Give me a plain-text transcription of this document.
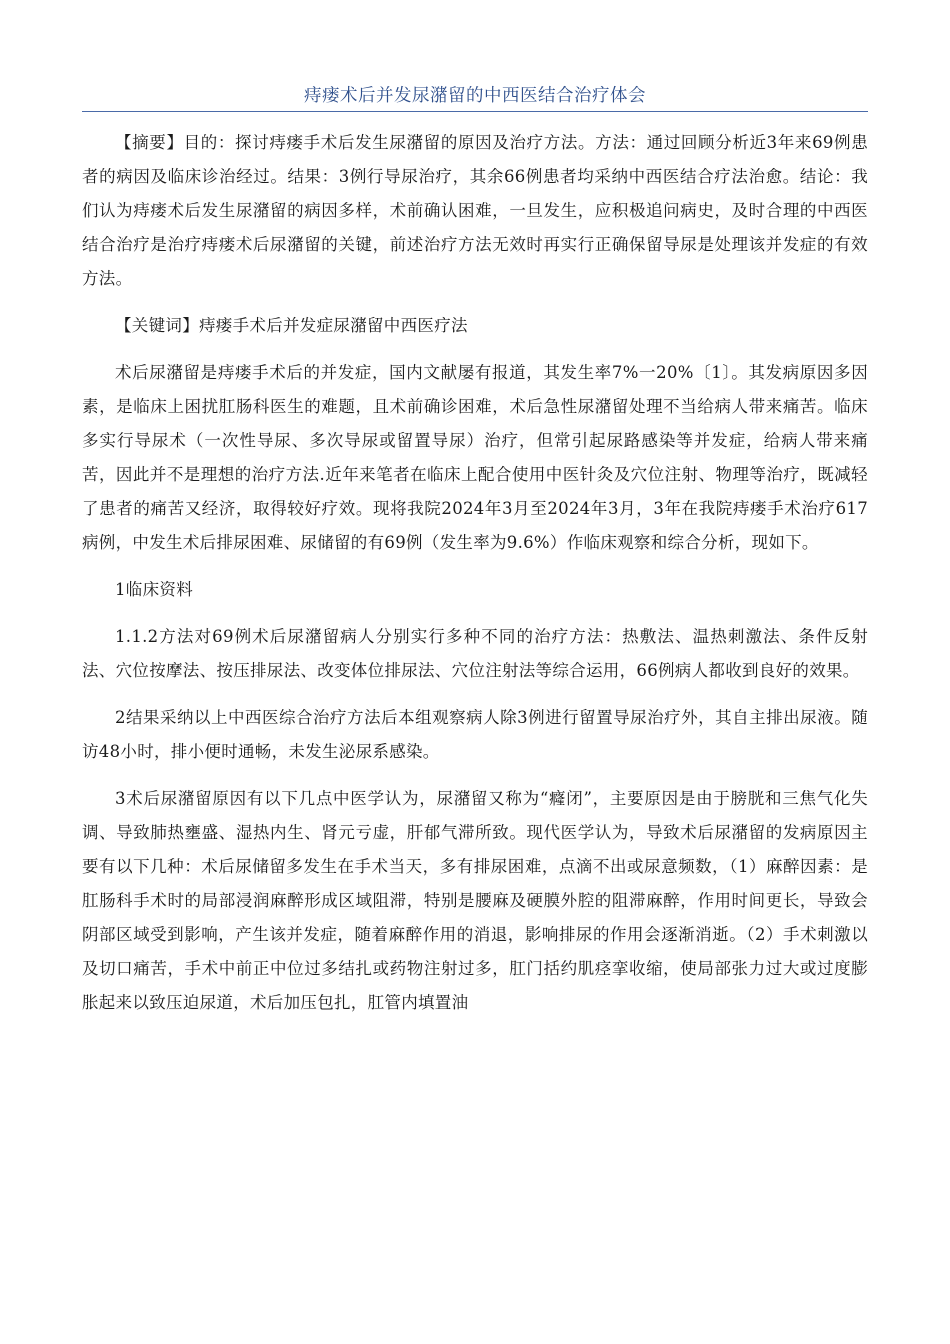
痔瘘术后并发尿潴留的中西医结合治疗体会

【摘要】目的：探讨痔瘘手术后发生尿潴留的原因及治疗方法。方法：通过回顾分析近3年来69例患者的病因及临床诊治经过。结果：3例行导尿治疗，其余66例患者均采纳中西医结合疗法治愈。结论：我们认为痔瘘术后发生尿潴留的病因多样，术前确认困难，一旦发生，应积极追问病史，及时合理的中西医结合治疗是治疗痔瘘术后尿潴留的关键，前述治疗方法无效时再实行正确保留导尿是处理该并发症的有效方法。

【关键词】痔瘘手术后并发症尿潴留中西医疗法

术后尿潴留是痔瘘手术后的并发症，国内文献屡有报道，其发生率7%一20%〔1〕。其发病原因多因素，是临床上困扰肛肠科医生的难题，且术前确诊困难，术后急性尿潴留处理不当给病人带来痛苦。临床多实行导尿术（一次性导尿、多次导尿或留置导尿）治疗，但常引起尿路感染等并发症，给病人带来痛苦，因此并不是理想的治疗方法.近年来笔者在临床上配合使用中医针灸及穴位注射、物理等治疗，既减轻了患者的痛苦又经济，取得较好疗效。现将我院2024年3月至2024年3月，3年在我院痔瘘手术治疗617病例，中发生术后排尿困难、尿储留的有69例（发生率为9.6%）作临床观察和综合分析，现如下。

1临床资料

1.1.2方法对69例术后尿潴留病人分别实行多种不同的治疗方法：热敷法、温热刺激法、条件反射法、穴位按摩法、按压排尿法、改变体位排尿法、穴位注射法等综合运用，66例病人都收到良好的效果。

2结果采纳以上中西医综合治疗方法后本组观察病人除3例进行留置导尿治疗外，其自主排出尿液。随访48小时，排小便时通畅，未发生泌尿系感染。

3术后尿潴留原因有以下几点中医学认为，尿潴留又称为“癃闭”，主要原因是由于膀胱和三焦气化失调、导致肺热壅盛、湿热内生、肾元亏虚，肝郁气滞所致。现代医学认为，导致术后尿潴留的发病原因主要有以下几种：术后尿储留多发生在手术当天，多有排尿困难，点滴不出或尿意频数，（1）麻醉因素：是肛肠科手术时的局部浸润麻醉形成区域阻滞，特别是腰麻及硬膜外腔的阻滞麻醉，作用时间更长，导致会阴部区域受到影响，产生该并发症，随着麻醉作用的消退，影响排尿的作用会逐渐消逝。（2）手术刺激以及切口痛苦，手术中前正中位过多结扎或药物注射过多，肛门括约肌痉挛收缩，使局部张力过大或过度膨胀起来以致压迫尿道，术后加压包扎，肛管内填置油
